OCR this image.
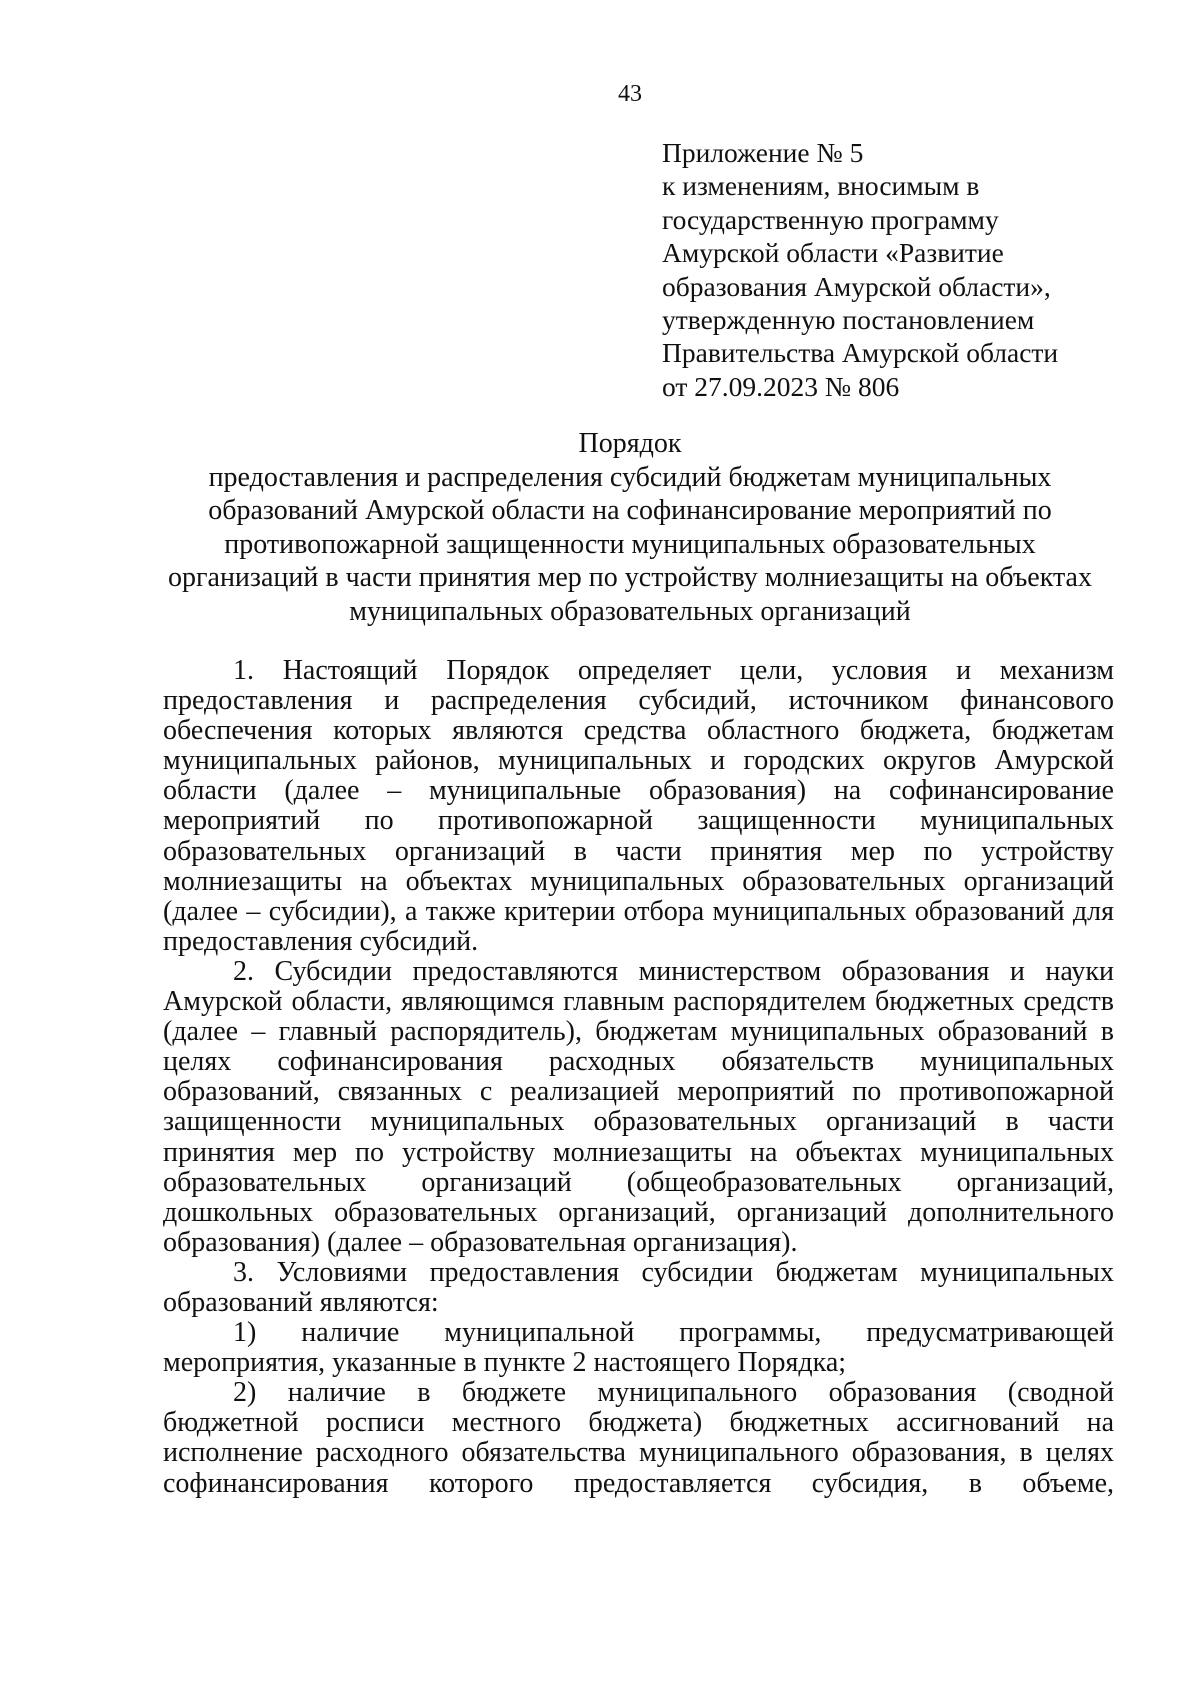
43
Приложение № 5
к изменениям, вносимым в
государственную программу
Амурской области «Развитие
образования Амурской области»,
утвержденную постановлением
Правительства Амурской области
от 27.09.2023 № 806
Порядок
предоставления и распределения субсидий бюджетам муниципальных
образований Амурской области на софинансирование мероприятий по
противопожарной защищенности муниципальных образовательных
организаций в части принятия мер по устройству молниезащиты на объектах
муниципальных образовательных организаций
1. Настоящий Порядок определяет цели, условия и механизм
предоставления и распределения субсидий, источником финансового
обеспечения которых являются средства областного бюджета, бюджетам
муниципальных районов, муниципальных и городских округов Амурской
области (далее – муниципальные образования) на софинансирование
мероприятий по противопожарной защищенности муниципальных
образовательных организаций в части принятия мер по устройству
молниезащиты на объектах муниципальных образовательных организаций
(далее – субсидии), а также критерии отбора муниципальных образований для
предоставления субсидий.
2. Субсидии предоставляются министерством образования и науки
Амурской области, являющимся главным распорядителем бюджетных средств
(далее – главный распорядитель), бюджетам муниципальных образований в
целях софинансирования расходных обязательств муниципальных
образований, связанных с реализацией мероприятий по противопожарной
защищенности муниципальных образовательных организаций в части
принятия мер по устройству молниезащиты на объектах муниципальных
образовательных организаций (общеобразовательных организаций,
дошкольных образовательных организаций, организаций дополнительного
образования) (далее – образовательная организация).
3. Условиями предоставления субсидии бюджетам муниципальных
образований являются:
1) наличие муниципальной программы, предусматривающей
мероприятия, указанные в пункте 2 настоящего Порядка;
2) наличие в бюджете муниципального образования (сводной
бюджетной росписи местного бюджета) бюджетных ассигнований на
исполнение расходного обязательства муниципального образования, в целях
софинансирования которого предоставляется субсидия, в объеме,
